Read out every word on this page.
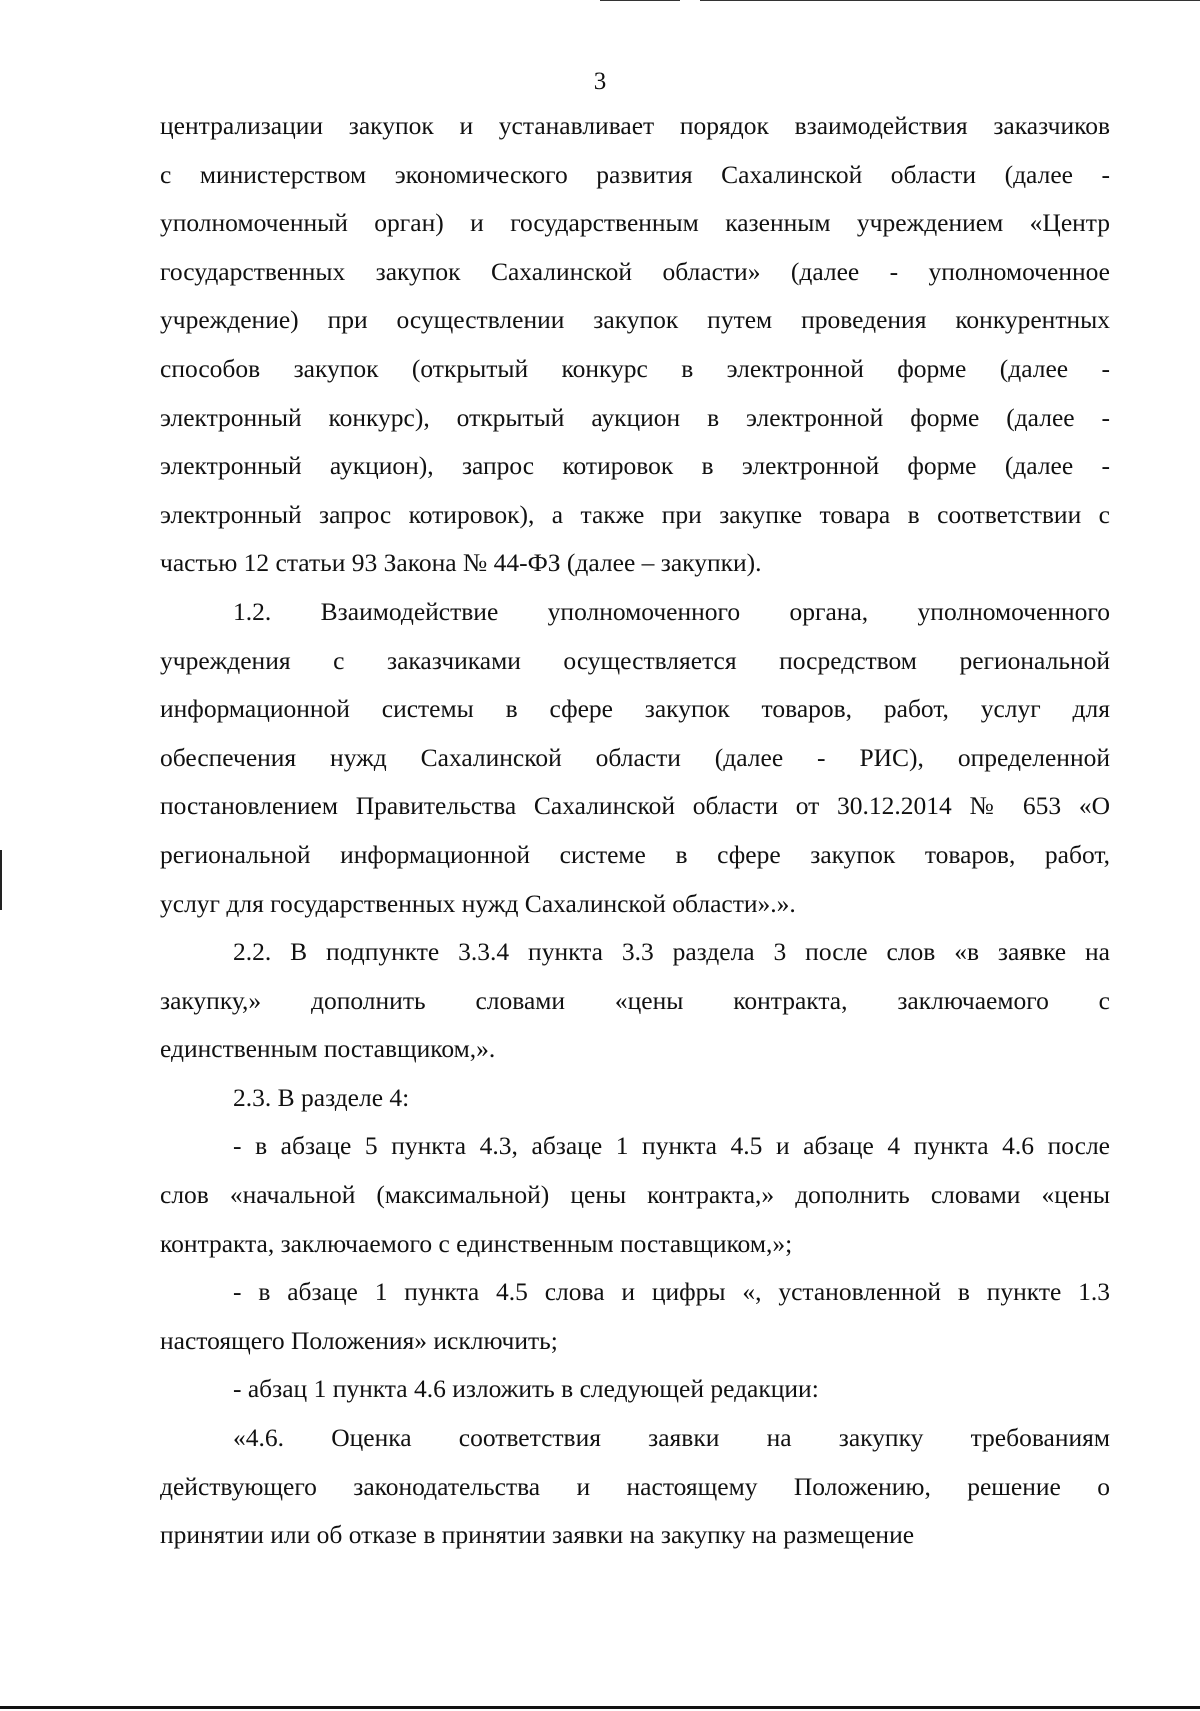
3
централизации закупок и устанавливает порядок взаимодействия заказчиков
с министерством экономического развития Сахалинской области (далее -
уполномоченный орган) и государственным казенным учреждением «Центр
государственных закупок Сахалинской области» (далее - уполномоченное
учреждение) при осуществлении закупок путем проведения конкурентных
способов закупок (открытый конкурс в электронной форме (далее -
электронный конкурс), открытый аукцион в электронной форме (далее -
электронный аукцион), запрос котировок в электронной форме (далее -
электронный запрос котировок), а также при закупке товара в соответствии с
частью 12 статьи 93 Закона № 44-ФЗ (далее – закупки).
1.2. Взаимодействие уполномоченного органа, уполномоченного
учреждения с заказчиками осуществляется посредством региональной
информационной системы в сфере закупок товаров, работ, услуг для
обеспечения нужд Сахалинской области (далее - РИС), определенной
постановлением Правительства Сахалинской области от 30.12.2014 № 653 «О
региональной информационной системе в сфере закупок товаров, работ,
услуг для государственных нужд Сахалинской области».».
2.2. В подпункте 3.3.4 пункта 3.3 раздела 3 после слов «в заявке на
закупку,» дополнить словами «цены контракта, заключаемого с
единственным поставщиком,».
2.3. В разделе 4:
- в абзаце 5 пункта 4.3, абзаце 1 пункта 4.5 и абзаце 4 пункта 4.6 после
слов «начальной (максимальной) цены контракта,» дополнить словами «цены
контракта, заключаемого с единственным поставщиком,»;
- в абзаце 1 пункта 4.5 слова и цифры «, установленной в пункте 1.3
настоящего Положения» исключить;
- абзац 1 пункта 4.6 изложить в следующей редакции:
«4.6. Оценка соответствия заявки на закупку требованиям
действующего законодательства и настоящему Положению, решение о
принятии или об отказе в принятии заявки на закупку на размещение
